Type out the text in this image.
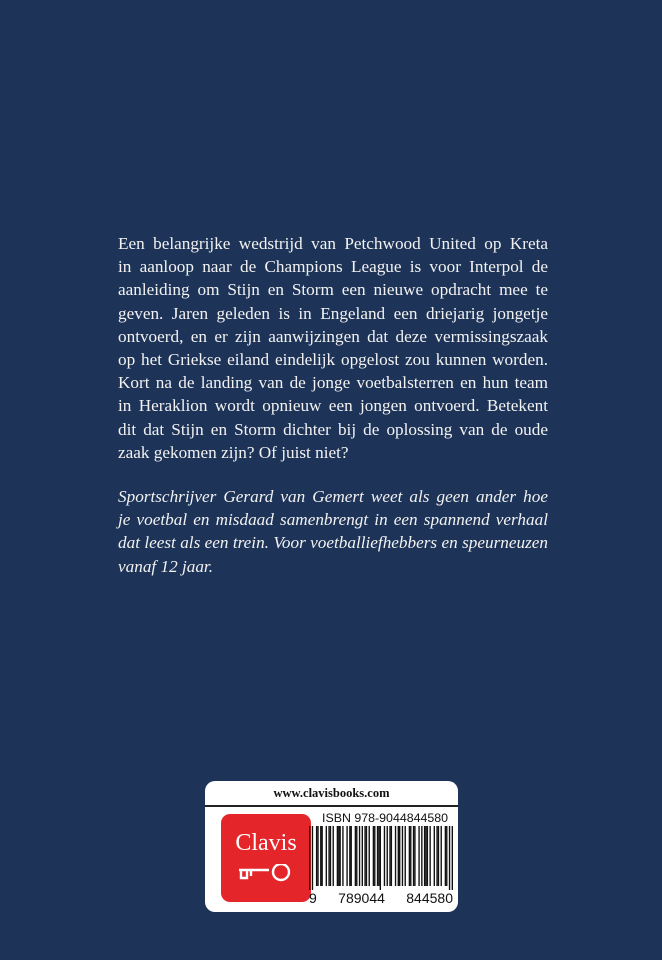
Een belangrijke wedstrijd van Petchwood United op Kreta
in aanloop naar de Champions League is voor Interpol de
aanleiding om Stijn en Storm een nieuwe opdracht mee te
geven. Jaren geleden is in Engeland een driejarig jongetje
ontvoerd, en er zijn aanwijzingen dat deze vermissingszaak
op het Griekse eiland eindelijk opgelost zou kunnen worden.
Kort na de landing van de jonge voetbalsterren en hun team
in Heraklion wordt opnieuw een jongen ontvoerd. Betekent
dit dat Stijn en Storm dichter bij de oplossing van de oude
zaak gekomen zijn? Of juist niet?
Sportschrijver Gerard van Gemert weet als geen ander hoe
je voetbal en misdaad samenbrengt in een spannend verhaal
dat leest als een trein. Voor voetballiefhebbers en speurneuzen
vanaf 12 jaar.
www.clavisbooks.com
Clavis
ISBN 978-9044844580
9 789044 844580
